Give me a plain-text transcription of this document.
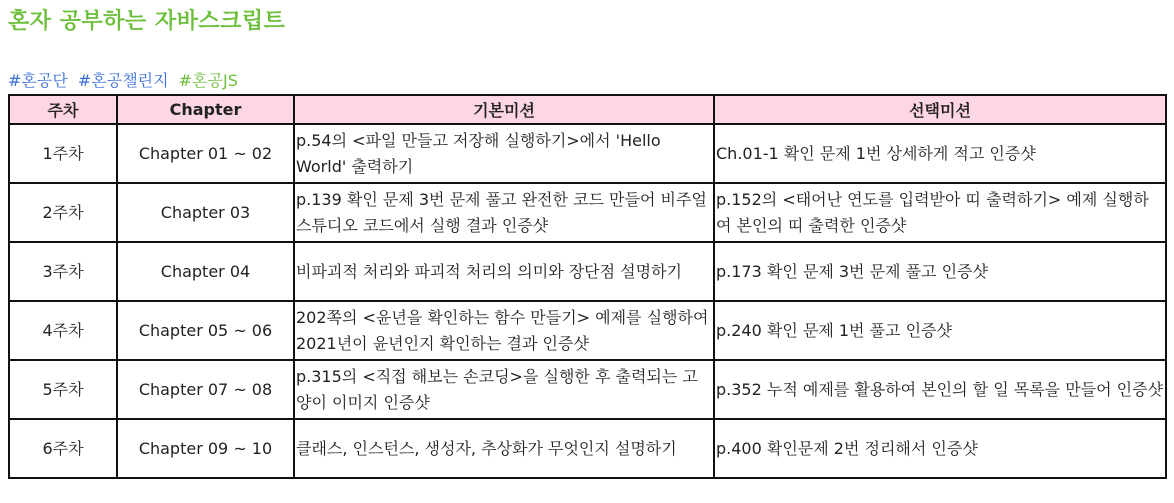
혼자 공부하는 자바스크립트
#혼공단 #혼공챌린지 #혼공JS
주차	Chapter	기본미션	선택미션
1주차	Chapter 01 ~ 02	p.54의 <파일 만들고 저장해 실행하기>에서 'Hello World' 출력하기	Ch.01-1 확인 문제 1번 상세하게 적고 인증샷
2주차	Chapter 03	p.139 확인 문제 3번 문제 풀고 완전한 코드 만들어 비주얼 스튜디오 코드에서 실행 결과 인증샷	p.152의 <태어난 연도를 입력받아 띠 출력하기> 예제 실행하여 본인의 띠 출력한 인증샷
3주차	Chapter 04	비파괴적 처리와 파괴적 처리의 의미와 장단점 설명하기	p.173 확인 문제 3번 문제 풀고 인증샷
4주차	Chapter 05 ~ 06	202쪽의 <윤년을 확인하는 함수 만들기> 예제를 실행하여 2021년이 윤년인지 확인하는 결과 인증샷	p.240 확인 문제 1번 풀고 인증샷
5주차	Chapter 07 ~ 08	p.315의 <직접 해보는 손코딩>을 실행한 후 출력되는 고양이 이미지 인증샷	p.352 누적 예제를 활용하여 본인의 할 일 목록을 만들어 인증샷
6주차	Chapter 09 ~ 10	클래스, 인스턴스, 생성자, 추상화가 무엇인지 설명하기	p.400 확인문제 2번 정리해서 인증샷
